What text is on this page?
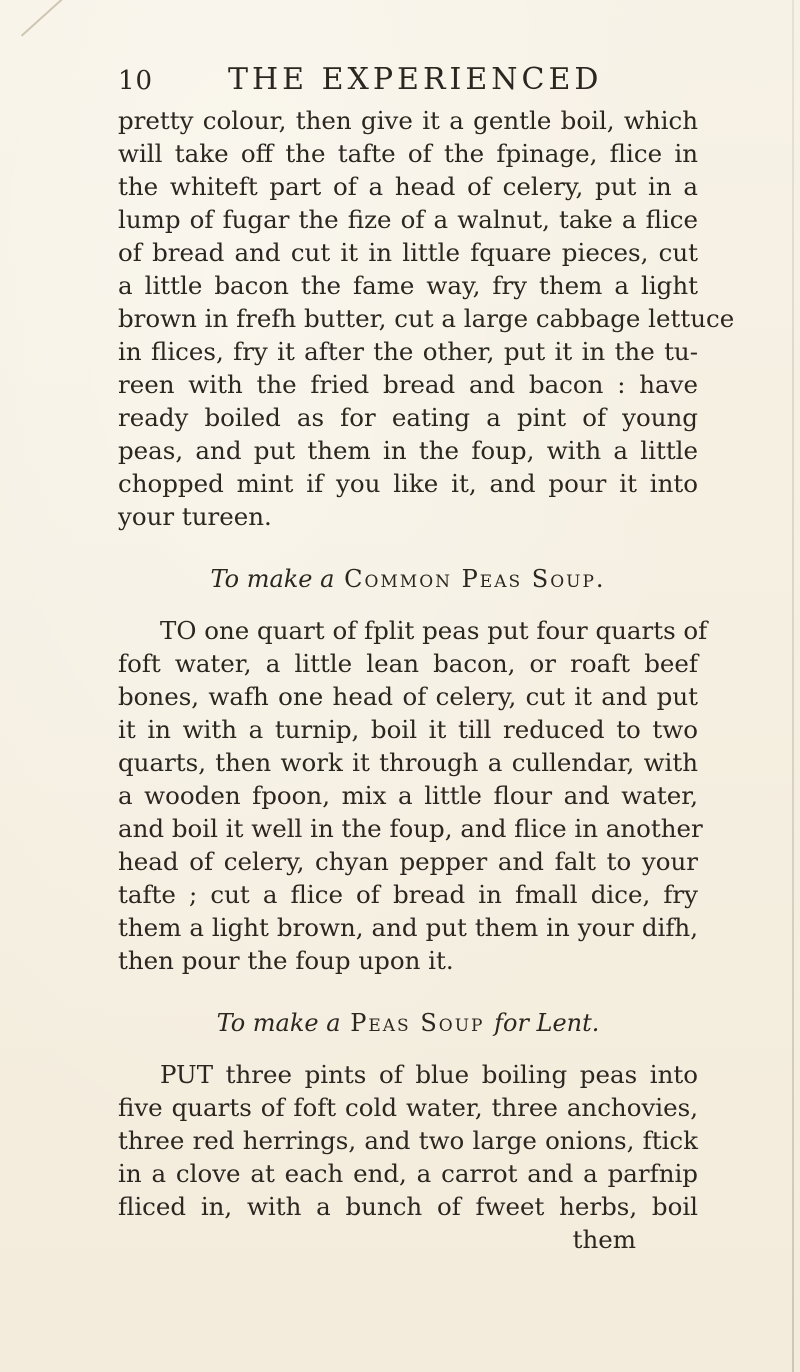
10 THE EXPERIENCED
pretty colour, then give it a gentle boil, which
will take off the tafte of the fpinage, flice in
the whiteft part of a head of celery, put in a
lump of fugar the fize of a walnut, take a flice
of bread and cut it in little fquare pieces, cut
a little bacon the fame way, fry them a light
brown in frefh butter, cut a large cabbage lettuce
in flices, fry it after the other, put it in the tu-
reen with the fried bread and bacon : have
ready boiled as for eating a pint of young
peas, and put them in the foup, with a little
chopped mint if you like it, and pour it into
your tureen.
To make a Common Peas Soup.
TO one quart of fplit peas put four quarts of
foft water, a little lean bacon, or roaft beef
bones, wafh one head of celery, cut it and put
it in with a turnip, boil it till reduced to two
quarts, then work it through a cullendar, with
a wooden fpoon, mix a little flour and water,
and boil it well in the foup, and flice in another
head of celery, chyan pepper and falt to your
tafte ; cut a flice of bread in fmall dice, fry
them a light brown, and put them in your difh,
then pour the foup upon it.
To make a Peas Soup for Lent.
PUT three pints of blue boiling peas into
five quarts of foft cold water, three anchovies,
three red herrings, and two large onions, ftick
in a clove at each end, a carrot and a parfnip
fliced in, with a bunch of fweet herbs, boil
them
